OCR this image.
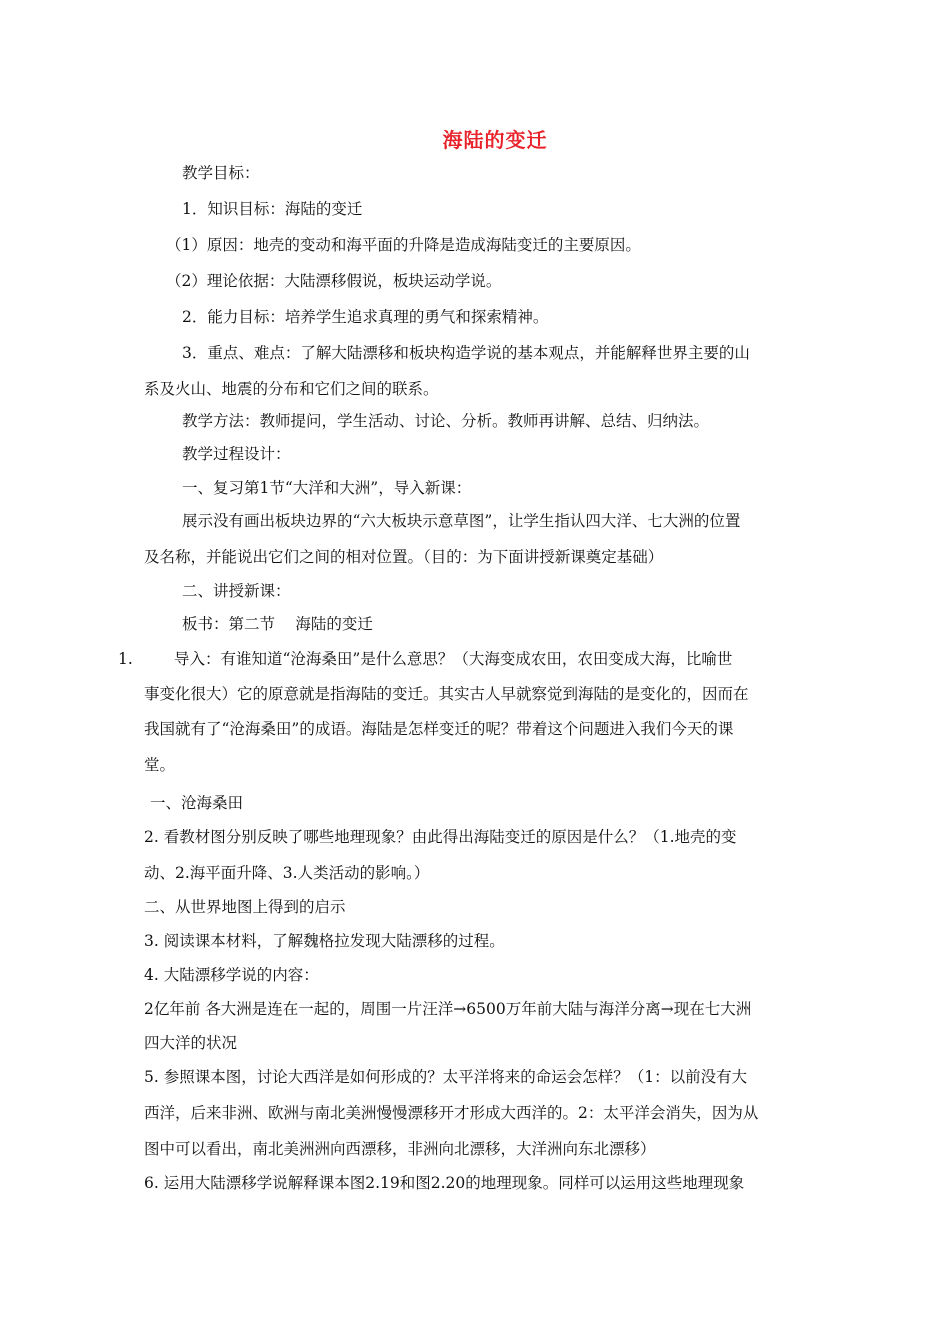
海陆的变迁
教学目标：
1．知识目标：海陆的变迁
（1）原因：地壳的变动和海平面的升降是造成海陆变迁的主要原因。
（2）理论依据：大陆漂移假说，板块运动学说。
2．能力目标：培养学生追求真理的勇气和探索精神。
3．重点、难点：了解大陆漂移和板块构造学说的基本观点，并能解释世界主要的山
系及火山、地震的分布和它们之间的联系。
教学方法：教师提问，学生活动、讨论、分析。教师再讲解、总结、归纳法。
教学过程设计：
一、复习第1节“大洋和大洲”，导入新课：
展示没有画出板块边界的“六大板块示意草图”，让学生指认四大洋、七大洲的位置
及名称，并能说出它们之间的相对位置。（目的：为下面讲授新课奠定基础）
二、讲授新课：
板书：第二节　 海陆的变迁
1.	导入：有谁知道“沧海桑田”是什么意思？（大海变成农田，农田变成大海，比喻世
事变化很大）它的原意就是指海陆的变迁。其实古人早就察觉到海陆的是变化的，因而在
我国就有了“沧海桑田”的成语。海陆是怎样变迁的呢？带着这个问题进入我们今天的课
堂。
一、沧海桑田
2. 看教材图分别反映了哪些地理现象？由此得出海陆变迁的原因是什么？（1.地壳的变
动、2.海平面升降、3.人类活动的影响。）
二、从世界地图上得到的启示
3. 阅读课本材料，了解魏格拉发现大陆漂移的过程。
4. 大陆漂移学说的内容：
2亿年前 各大洲是连在一起的，周围一片汪洋→6500万年前大陆与海洋分离→现在七大洲
四大洋的状况
5. 参照课本图，讨论大西洋是如何形成的？太平洋将来的命运会怎样？（1：以前没有大
西洋，后来非洲、欧洲与南北美洲慢慢漂移开才形成大西洋的。2：太平洋会消失，因为从
图中可以看出，南北美洲洲向西漂移，非洲向北漂移，大洋洲向东北漂移）
6. 运用大陆漂移学说解释课本图2.19和图2.20的地理现象。同样可以运用这些地理现象
